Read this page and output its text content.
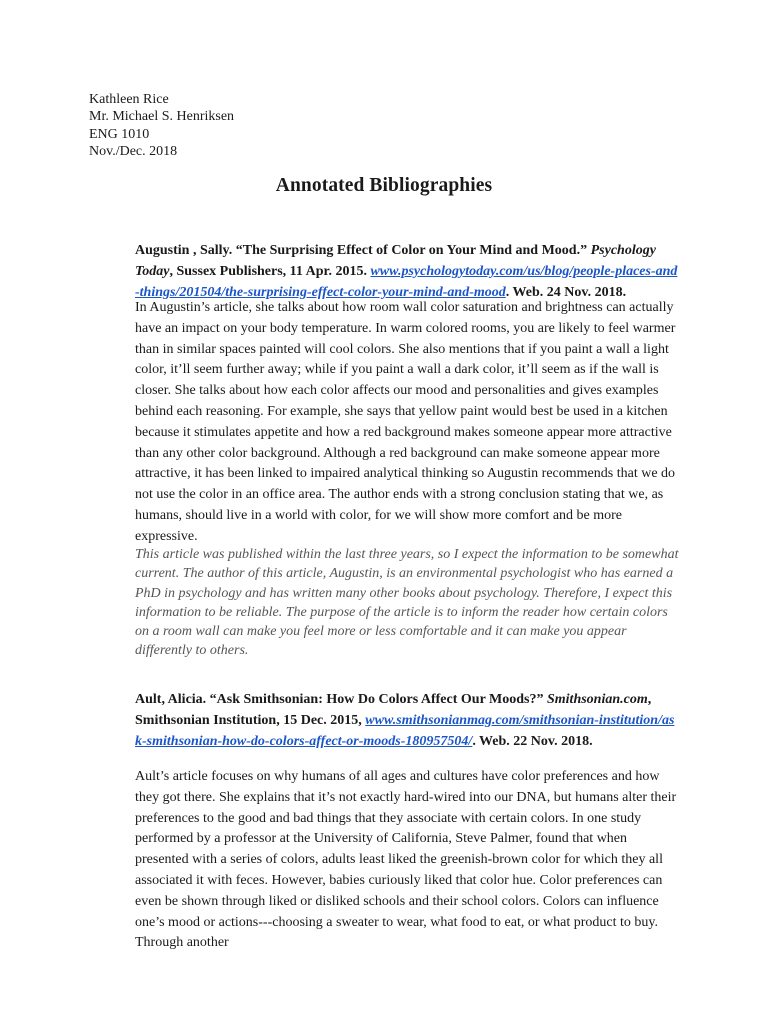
Kathleen Rice
Mr. Michael S. Henriksen
ENG 1010
Nov./Dec. 2018
Annotated Bibliographies
Augustin , Sally. “The Surprising Effect of Color on Your Mind and Mood.” Psychology Today, Sussex Publishers, 11 Apr. 2015. www.psychologytoday.com/us/blog/people-places-and-things/201504/the-surprising-effect-color-your-mind-and-mood. Web. 24 Nov. 2018.
In Augustin’s article, she talks about how room wall color saturation and brightness can actually have an impact on your body temperature. In warm colored rooms, you are likely to feel warmer than in similar spaces painted will cool colors. She also mentions that if you paint a wall a light color, it’ll seem further away; while if you paint a wall a dark color, it’ll seem as if the wall is closer. She talks about how each color affects our mood and personalities and gives examples behind each reasoning. For example, she says that yellow paint would best be used in a kitchen because it stimulates appetite and how a red background makes someone appear more attractive than any other color background. Although a red background can make someone appear more attractive, it has been linked to impaired analytical thinking so Augustin recommends that we do not use the color in an office area. The author ends with a strong conclusion stating that we, as humans, should live in a world with color, for we will show more comfort and be more expressive.
This article was published within the last three years, so I expect the information to be somewhat current. The author of this article, Augustin, is an environmental psychologist who has earned a PhD in psychology and has written many other books about psychology. Therefore, I expect this information to be reliable. The purpose of the article is to inform the reader how certain colors on a room wall can make you feel more or less comfortable and it can make you appear differently to others.
Ault, Alicia. “Ask Smithsonian: How Do Colors Affect Our Moods?” Smithsonian.com, Smithsonian Institution, 15 Dec. 2015, www.smithsonianmag.com/smithsonian-institution/ask-smithsonian-how-do-colors-affect-or-moods-180957504/. Web. 22 Nov. 2018.
Ault’s article focuses on why humans of all ages and cultures have color preferences and how they got there. She explains that it’s not exactly hard-wired into our DNA, but humans alter their preferences to the good and bad things that they associate with certain colors. In one study performed by a professor at the University of California, Steve Palmer, found that when presented with a series of colors, adults least liked the greenish-brown color for which they all associated it with feces. However, babies curiously liked that color hue. Color preferences can even be shown through liked or disliked schools and their school colors. Colors can influence one’s mood or actions---choosing a sweater to wear, what food to eat, or what product to buy. Through another
